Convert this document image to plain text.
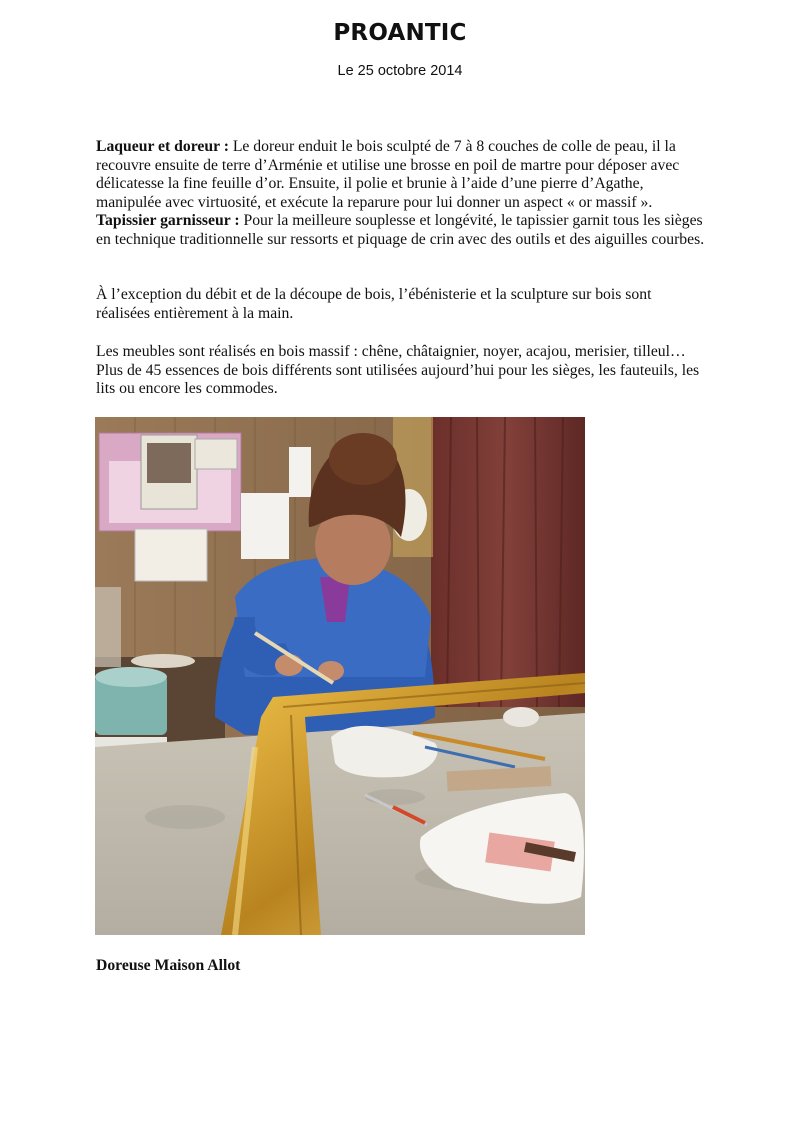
PROANTIC
Le 25 octobre 2014
Laqueur et doreur : Le doreur enduit le bois sculpté de 7 à 8 couches de colle de peau, il la recouvre ensuite de terre d’Arménie et utilise une brosse en poil de martre pour déposer avec délicatesse la fine feuille d’or. Ensuite, il polie et brunie à l’aide d’une pierre d’Agathe, manipulée avec virtuosité, et exécute la reparure pour lui donner un aspect « or massif ».
Tapissier garnisseur : Pour la meilleure souplesse et longévité, le tapissier garnit tous les sièges en technique traditionnelle sur ressorts et piquage de crin avec des outils et des aiguilles courbes.
À l’exception du débit et de la découpe de bois, l’ébénisterie et la sculpture sur bois sont réalisées entièrement à la main.
Les meubles sont réalisés en bois massif : chêne, châtaignier, noyer, acajou, merisier, tilleul… Plus de 45 essences de bois différents sont utilisées aujourd’hui pour les sièges, les fauteuils, les lits ou encore les commodes.
Doreuse Maison Allot
